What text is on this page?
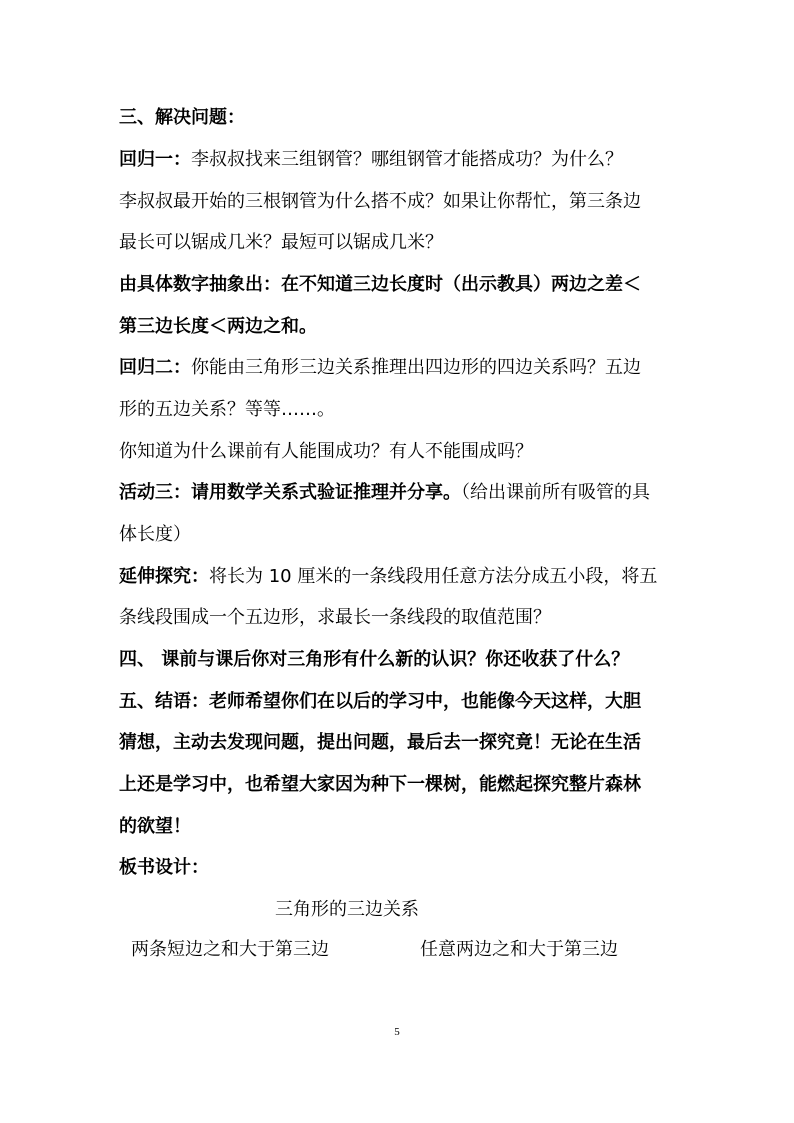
三、解决问题：
回归一：李叔叔找来三组钢管？哪组钢管才能搭成功？为什么？
李叔叔最开始的三根钢管为什么搭不成？如果让你帮忙，第三条边
最长可以锯成几米？最短可以锯成几米？
由具体数字抽象出：在不知道三边长度时（出示教具）两边之差＜
第三边长度＜两边之和。
回归二：你能由三角形三边关系推理出四边形的四边关系吗？五边
形的五边关系？等等……。
你知道为什么课前有人能围成功？有人不能围成吗？
活动三：请用数学关系式验证推理并分享。（给出课前所有吸管的具
体长度）
延伸探究：将长为 10 厘米的一条线段用任意方法分成五小段，将五
条线段围成一个五边形，求最长一条线段的取值范围？
四、 课前与课后你对三角形有什么新的认识？你还收获了什么？
五、结语：老师希望你们在以后的学习中，也能像今天这样，大胆
猜想，主动去发现问题，提出问题，最后去一探究竟！无论在生活
上还是学习中，也希望大家因为种下一棵树，能燃起探究整片森林
的欲望！
板书设计：
三角形的三边关系
两条短边之和大于第三边	任意两边之和大于第三边
5
